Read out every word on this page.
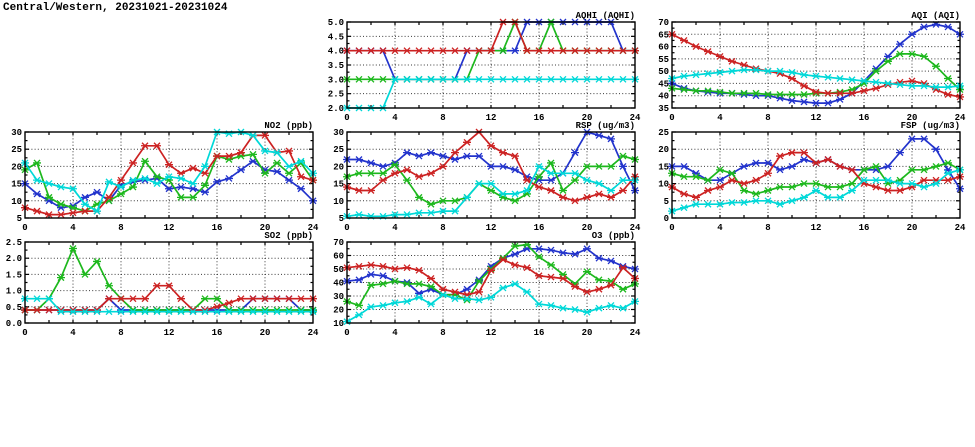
Central/Western, 20231021-20231024
2.0
2.5
3.0
3.5
4.0
4.5
5.0
0	4	8	12	16	20	24
AQHI (AQHI)
35
40
45
50
55
60
65
70
0	4	8	12	16	20	24
AQI (AQI)
5
10
15
20
25
30
0	4	8	12	16	20	24
NO2 (ppb)
5
10
15
20
25
30
0	4	8	12	16	20	24
RSP (ug/m3)
0
5
10
15
20
25
0	4	8	12	16	20	24
FSP (ug/m3)
0.0
0.5
1.0
1.5
2.0
2.5
0	4	8	12	16	20	24
SO2 (ppb)
10
20
30
40
50
60
70
0	4	8	12	16	20	24
O3 (ppb)
